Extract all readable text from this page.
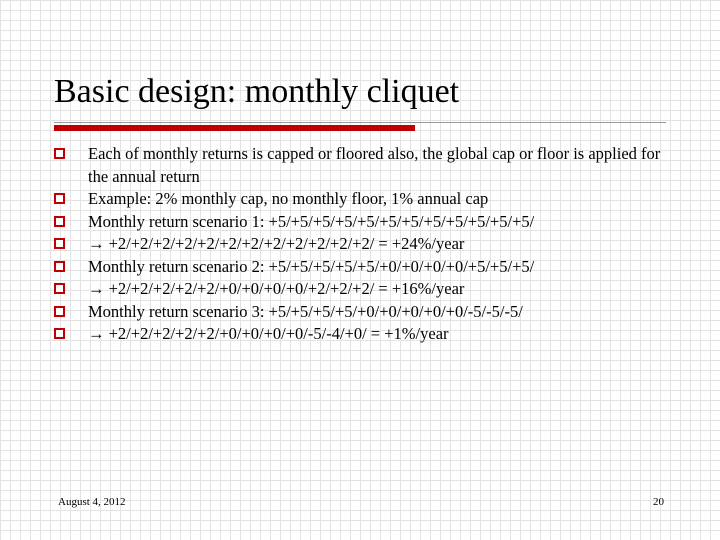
Basic design: monthly cliquet
Each of monthly returns is capped or floored also, the global cap or floor is applied for the annual return
Example: 2% monthly cap, no monthly floor, 1% annual cap
Monthly return scenario 1: +5/+5/+5/+5/+5/+5/+5/+5/+5/+5/+5/+5/
→ +2/+2/+2/+2/+2/+2/+2/+2/+2/+2/+2/+2/ = +24%/year
Monthly return scenario 2: +5/+5/+5/+5/+5/+0/+0/+0/+0/+5/+5/+5/
→ +2/+2/+2/+2/+2/+0/+0/+0/+0/+2/+2/+2/ = +16%/year
Monthly return scenario 3: +5/+5/+5/+5/+0/+0/+0/+0/+0/-5/-5/-5/
→ +2/+2/+2/+2/+2/+0/+0/+0/+0/-5/-4/+0/ = +1%/year
August 4, 2012	20
